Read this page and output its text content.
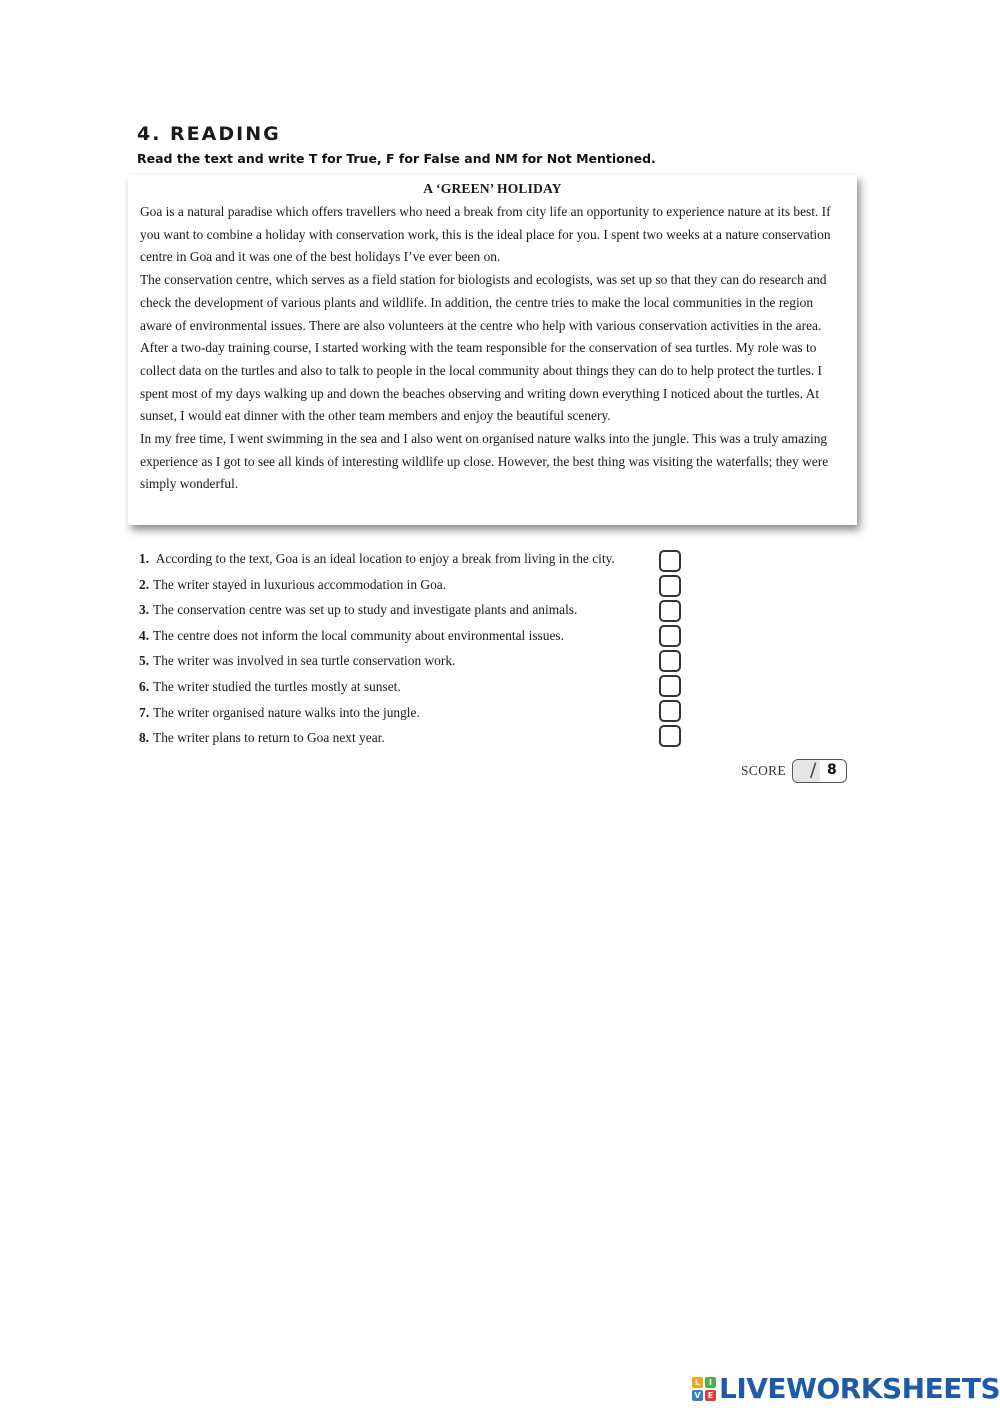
4. READING

Read the text and write T for True, F for False and NM for Not Mentioned.

A ‘GREEN’ HOLIDAY

Goa is a natural paradise which offers travellers who need a break from city life an opportunity to experience nature at its best. If you want to combine a holiday with conservation work, this is the ideal place for you. I spent two weeks at a nature conservation centre in Goa and it was one of the best holidays I’ve ever been on.

The conservation centre, which serves as a field station for biologists and ecologists, was set up so that they can do research and check the development of various plants and wildlife. In addition, the centre tries to make the local communities in the region aware of environmental issues. There are also volunteers at the centre who help with various conservation activities in the area.

After a two-day training course, I started working with the team responsible for the conservation of sea turtles. My role was to collect data on the turtles and also to talk to people in the local community about things they can do to help protect the turtles. I spent most of my days walking up and down the beaches observing and writing down everything I noticed about the turtles. At sunset, I would eat dinner with the other team members and enjoy the beautiful scenery.

In my free time, I went swimming in the sea and I also went on organised nature walks into the jungle. This was a truly amazing experience as I got to see all kinds of interesting wildlife up close. However, the best thing was visiting the waterfalls; they were simply wonderful.

1. According to the text, Goa is an ideal location to enjoy a break from living in the city.
2. The writer stayed in luxurious accommodation in Goa.
3. The conservation centre was set up to study and investigate plants and animals.
4. The centre does not inform the local community about environmental issues.
5. The writer was involved in sea turtle conservation work.
6. The writer studied the turtles mostly at sunset.
7. The writer organised nature walks into the jungle.
8. The writer plans to return to Goa next year.
SCORE / 8
L	I
V E LIVEWORKSHEETS
